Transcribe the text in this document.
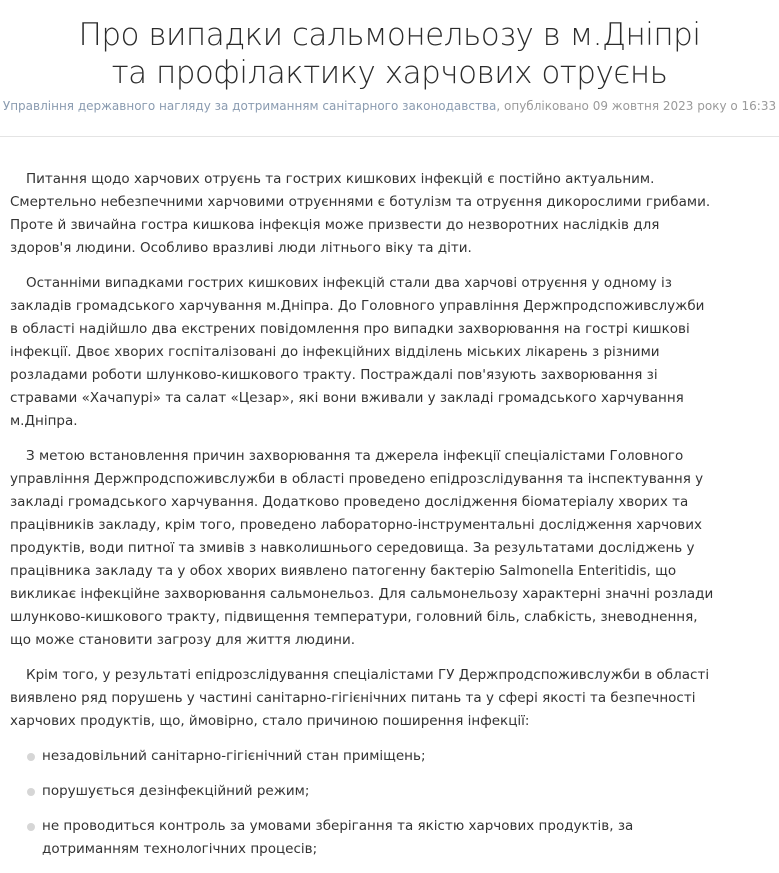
Про випадки сальмонельозу в м.Дніпрі та профілактику харчових отруєнь
Управління державного нагляду за дотриманням санітарного законодавства, опубліковано 09 жовтня 2023 року о 16:33

Питання щодо харчових отруєнь та гострих кишкових інфекцій є постійно актуальним. Смертельно небезпечними харчовими отруєннями є ботулізм та отруєння дикорослими грибами. Проте й звичайна гостра кишкова інфекція може призвести до незворотних наслідків для здоров'я людини. Особливо вразливі люди літнього віку та діти.

Останніми випадками гострих кишкових інфекцій стали два харчові отруєння у одному із закладів громадського харчування м.Дніпра. До Головного управління Держпродспоживслужби в області надійшло два екстрених повідомлення про випадки захворювання на гострі кишкові інфекції. Двоє хворих госпіталізовані до інфекційних відділень міських лікарень з різними розладами роботи шлунково-кишкового тракту. Постраждалі пов'язують захворювання зі стравами «Хачапурі» та салат «Цезар», які вони вживали у закладі громадського харчування м.Дніпра.

З метою встановлення причин захворювання та джерела інфекції спеціалістами Головного управління Держпродспоживслужби в області проведено епідрозслідування та інспектування у закладі громадського харчування. Додатково проведено дослідження біоматеріалу хворих та працівників закладу, крім того, проведено лабораторно-інструментальні дослідження харчових продуктів, води питної та змивів з навколишнього середовища. За результатами досліджень у працівника закладу та у обох хворих виявлено патогенну бактерію Salmonella Enteritidis, що викликає інфекційне захворювання сальмонельоз. Для сальмонельозу характерні значні розлади шлунково-кишкового тракту, підвищення температури, головний біль, слабкість, зневоднення, що може становити загрозу для життя людини.

Крім того, у результаті епідрозслідування спеціалістами ГУ Держпродспоживслужби в області виявлено ряд порушень у частині санітарно-гігієнічних питань та у сфері якості та безпечності харчових продуктів, що, ймовірно, стало причиною поширення інфекції:

незадовільний санітарно-гігієнічний стан приміщень;
порушується дезінфекційний режим;
не проводиться контроль за умовами зберігання та якістю харчових продуктів, за дотриманням технологічних процесів;
